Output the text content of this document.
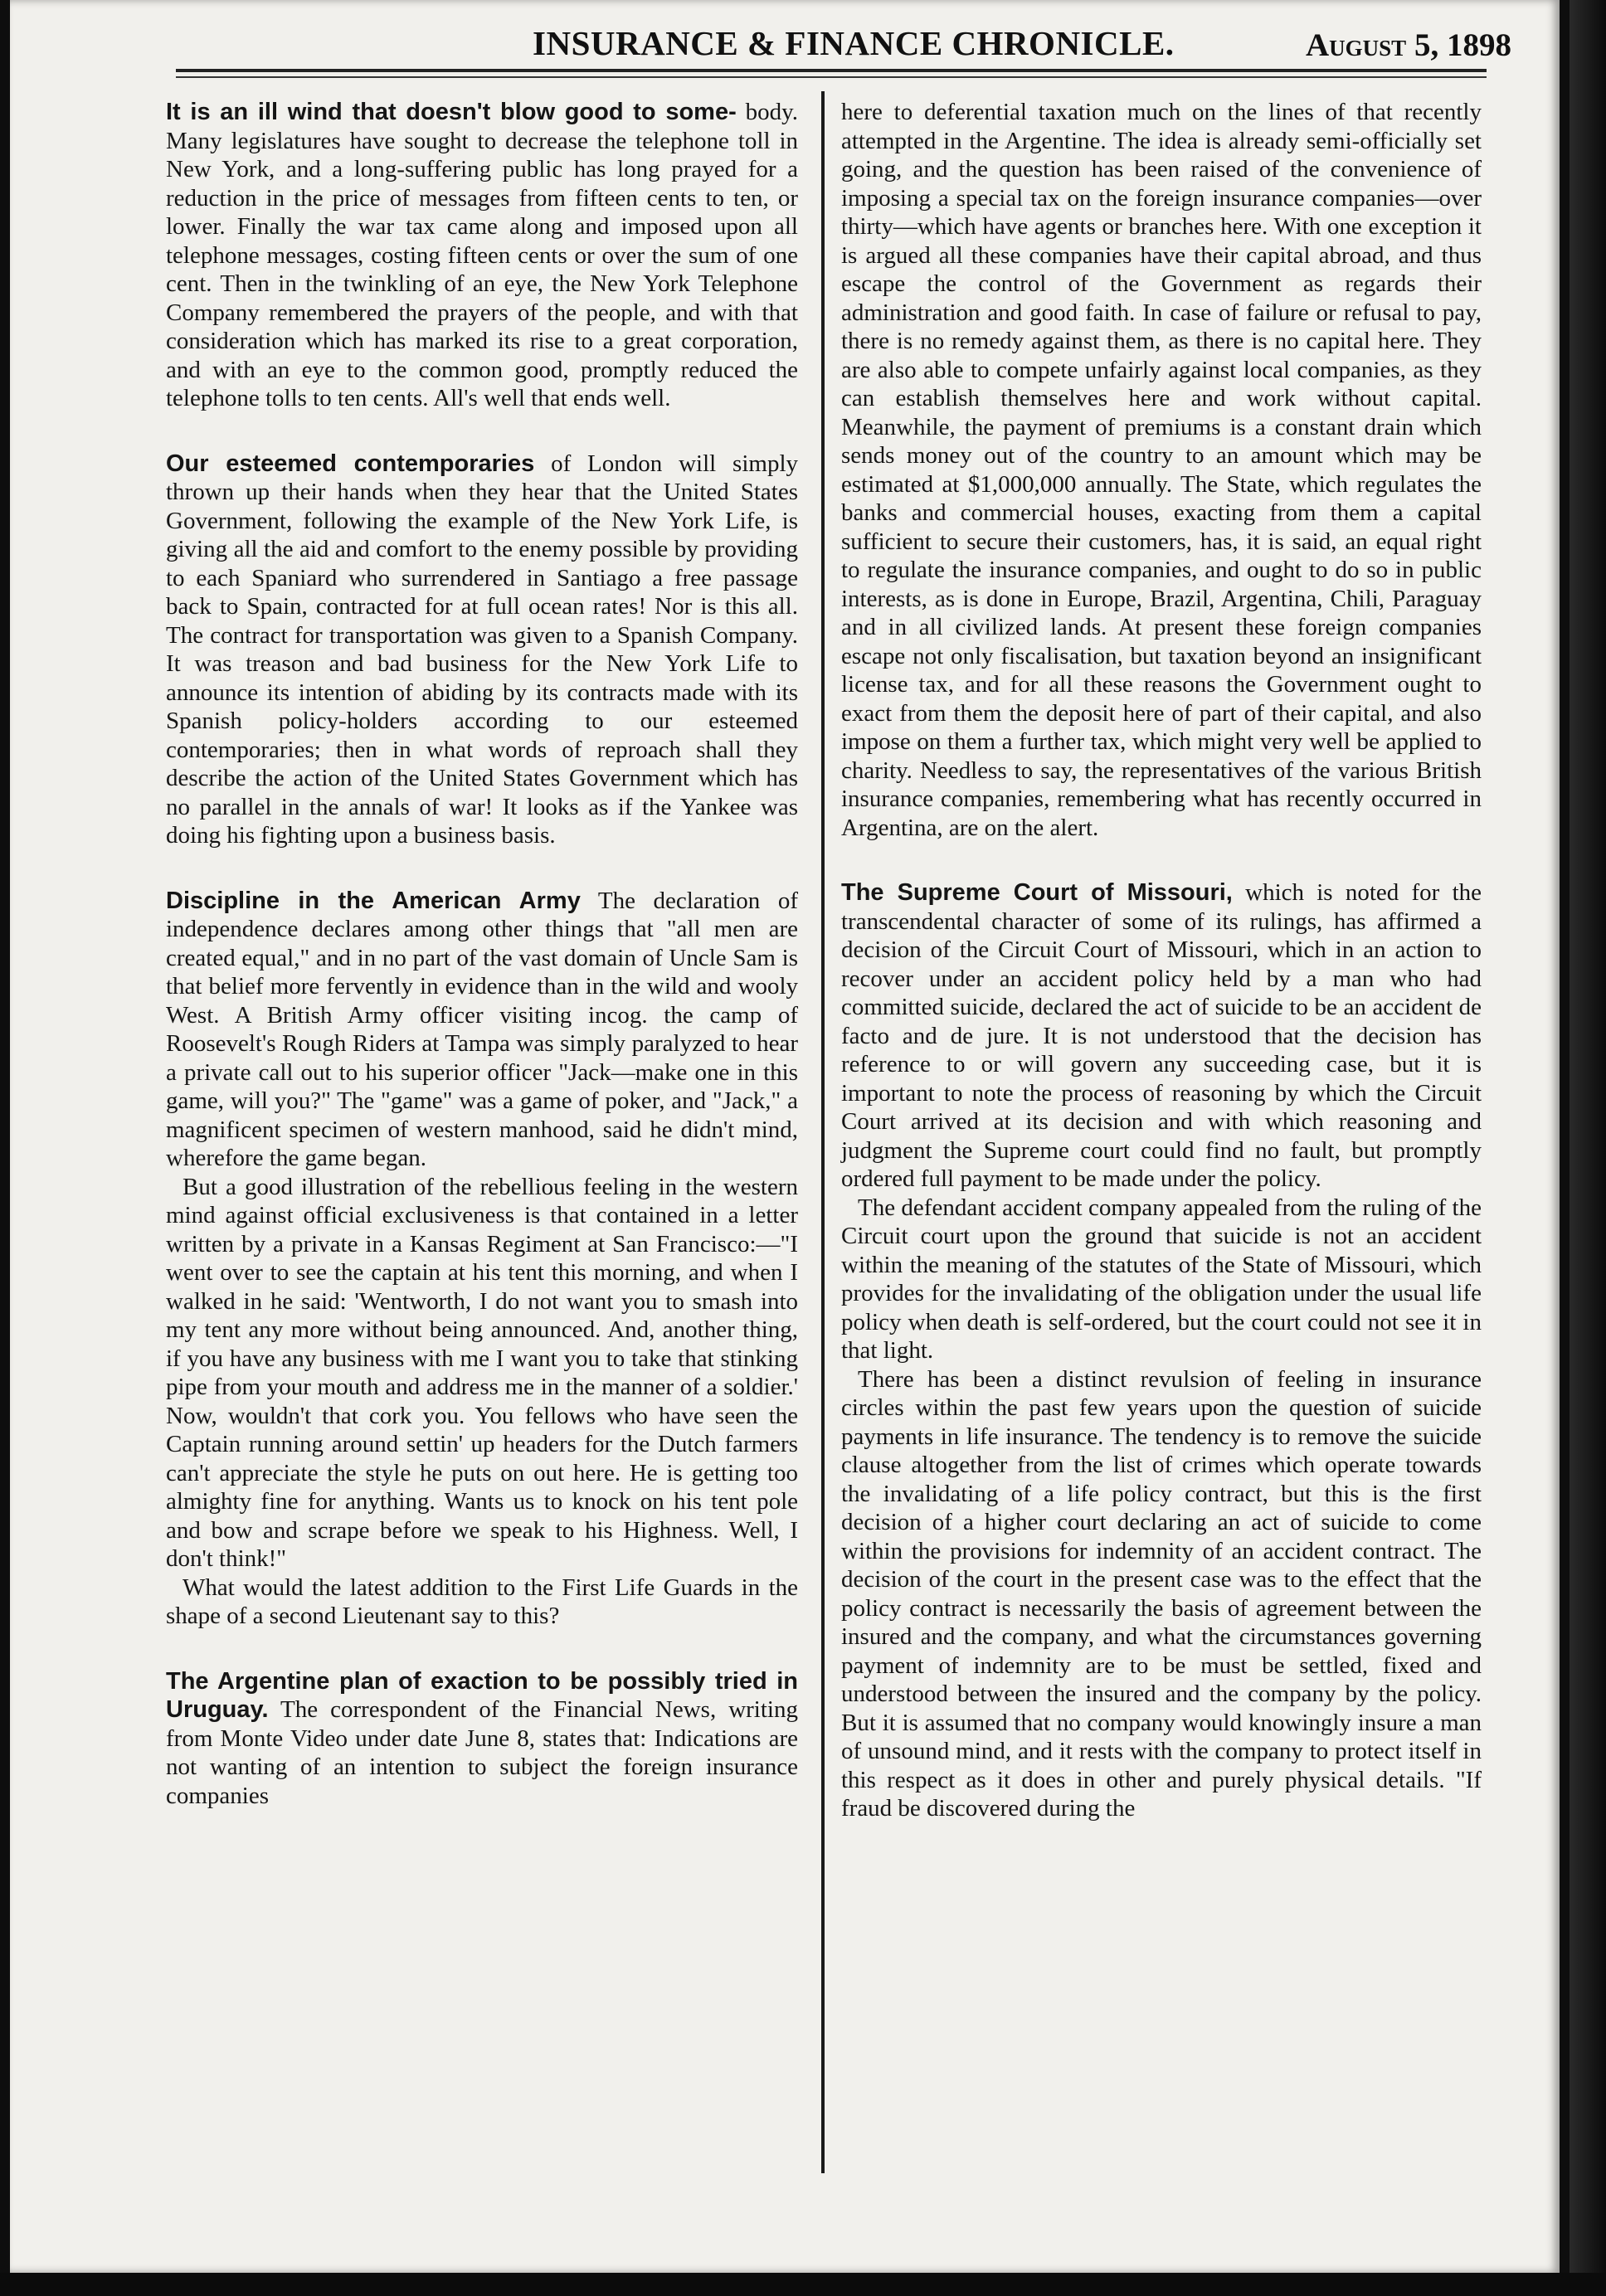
INSURANCE & FINANCE CHRONICLE.	August 5, 1898

It is an ill wind that doesn't blow good to some- body. Many legislatures have sought to decrease the telephone toll in New York, and a long-suffering public has long prayed for a reduction in the price of messages from fifteen cents to ten, or lower. Finally the war tax came along and imposed upon all telephone messages, costing fifteen cents or over the sum of one cent. Then in the twinkling of an eye, the New York Telephone Company remembered the prayers of the people, and with that consideration which has marked its rise to a great corporation, and with an eye to the common good, promptly reduced the telephone tolls to ten cents. All's well that ends well.

Our esteemed contemporaries of London will simply thrown up their hands when they hear that the United States Government, following the example of the New York Life, is giving all the aid and comfort to the enemy possible by providing to each Spaniard who surrendered in Santiago a free passage back to Spain, contracted for at full ocean rates! Nor is this all. The contract for transportation was given to a Spanish Company. It was treason and bad business for the New York Life to announce its intention of abiding by its contracts made with its Spanish policy-holders according to our esteemed contemporaries; then in what words of reproach shall they describe the action of the United States Government which has no parallel in the annals of war! It looks as if the Yankee was doing his fighting upon a business basis.

Discipline in the American Army The declaration of independence declares among other things that "all men are created equal," and in no part of the vast domain of Uncle Sam is that belief more fervently in evidence than in the wild and wooly West. A British Army officer visiting incog. the camp of Roosevelt's Rough Riders at Tampa was simply paralyzed to hear a private call out to his superior officer "Jack—make one in this game, will you?" The "game" was a game of poker, and "Jack," a magnificent specimen of western manhood, said he didn't mind, wherefore the game began.

But a good illustration of the rebellious feeling in the western mind against official exclusiveness is that contained in a letter written by a private in a Kansas Regiment at San Francisco:—"I went over to see the captain at his tent this morning, and when I walked in he said: 'Wentworth, I do not want you to smash into my tent any more without being announced. And, another thing, if you have any business with me I want you to take that stinking pipe from your mouth and address me in the manner of a soldier.' Now, wouldn't that cork you. You fellows who have seen the Captain running around settin' up headers for the Dutch farmers can't appreciate the style he puts on out here. He is getting too almighty fine for anything. Wants us to knock on his tent pole and bow and scrape before we speak to his Highness. Well, I don't think!"

What would the latest addition to the First Life Guards in the shape of a second Lieutenant say to this?

The Argentine plan of exaction to be possibly tried in Uruguay. The correspondent of the Financial News, writing from Monte Video under date June 8, states that: Indications are not wanting of an intention to subject the foreign insurance companies

here to deferential taxation much on the lines of that recently attempted in the Argentine. The idea is already semi-officially set going, and the question has been raised of the convenience of imposing a special tax on the foreign insurance companies—over thirty—which have agents or branches here. With one exception it is argued all these companies have their capital abroad, and thus escape the control of the Government as regards their administration and good faith. In case of failure or refusal to pay, there is no remedy against them, as there is no capital here. They are also able to compete unfairly against local companies, as they can establish themselves here and work without capital. Meanwhile, the payment of premiums is a constant drain which sends money out of the country to an amount which may be estimated at $1,000,000 annually. The State, which regulates the banks and commercial houses, exacting from them a capital sufficient to secure their customers, has, it is said, an equal right to regulate the insurance companies, and ought to do so in public interests, as is done in Europe, Brazil, Argentina, Chili, Paraguay and in all civilized lands. At present these foreign companies escape not only fiscalisation, but taxation beyond an insignificant license tax, and for all these reasons the Government ought to exact from them the deposit here of part of their capital, and also impose on them a further tax, which might very well be applied to charity. Needless to say, the representatives of the various British insurance companies, remembering what has recently occurred in Argentina, are on the alert.

The Supreme Court of Missouri, which is noted for the transcendental character of some of its rulings, has affirmed a decision of the Circuit Court of Missouri, which in an action to recover under an accident policy held by a man who had committed suicide, declared the act of suicide to be an accident de facto and de jure. It is not understood that the decision has reference to or will govern any succeeding case, but it is important to note the process of reasoning by which the Circuit Court arrived at its decision and with which reasoning and judgment the Supreme court could find no fault, but promptly ordered full payment to be made under the policy.

The defendant accident company appealed from the ruling of the Circuit court upon the ground that suicide is not an accident within the meaning of the statutes of the State of Missouri, which provides for the invalidating of the obligation under the usual life policy when death is self-ordered, but the court could not see it in that light.

There has been a distinct revulsion of feeling in insurance circles within the past few years upon the question of suicide payments in life insurance. The tendency is to remove the suicide clause altogether from the list of crimes which operate towards the invalidating of a life policy contract, but this is the first decision of a higher court declaring an act of suicide to come within the provisions for indemnity of an accident contract. The decision of the court in the present case was to the effect that the policy contract is necessarily the basis of agreement between the insured and the company, and what the circumstances governing payment of indemnity are to be must be settled, fixed and understood between the insured and the company by the policy. But it is assumed that no company would knowingly insure a man of unsound mind, and it rests with the company to protect itself in this respect as it does in other and purely physical details. "If fraud be discovered during the
